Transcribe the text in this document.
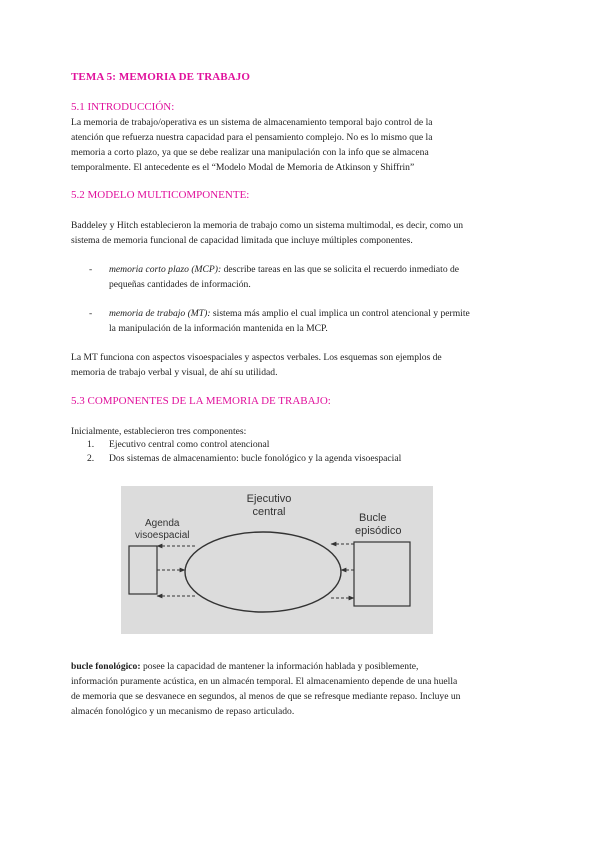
TEMA 5: MEMORIA DE TRABAJO
5.1 INTRODUCCIÓN:
La memoria de trabajo/operativa es un sistema de almacenamiento temporal bajo control de la
atención que refuerza nuestra capacidad para el pensamiento complejo. No es lo mismo que la
memoria a corto plazo, ya que se debe realizar una manipulación con la info que se almacena
temporalmente. El antecedente es el “Modelo Modal de Memoria de Atkinson y Shiffrin”
5.2 MODELO MULTICOMPONENTE:
Baddeley y Hitch establecieron la memoria de trabajo como un sistema multimodal, es decir, como un
sistema de memoria funcional de capacidad limitada que incluye múltiples componentes.
- memoria corto plazo (MCP): describe tareas en las que se solicita el recuerdo inmediato de
pequeñas cantidades de información.
- memoria de trabajo (MT): sistema más amplio el cual implica un control atencional y permite
la manipulación de la información mantenida en la MCP.
La MT funciona con aspectos visoespaciales y aspectos verbales. Los esquemas son ejemplos de
memoria de trabajo verbal y visual, de ahí su utilidad.
5.3 COMPONENTES DE LA MEMORIA DE TRABAJO:
Inicialmente, establecieron tres componentes:
1. Ejecutivo central como control atencional
2. Dos sistemas de almacenamiento: bucle fonológico y la agenda visoespacial
Ejecutivo
central
Agenda
visoespacial
Bucle
episódico
bucle fonológico: posee la capacidad de mantener la información hablada y posiblemente,
información puramente acústica, en un almacén temporal. El almacenamiento depende de una huella
de memoria que se desvanece en segundos, al menos de que se refresque mediante repaso. Incluye un
almacén fonológico y un mecanismo de repaso articulado.
